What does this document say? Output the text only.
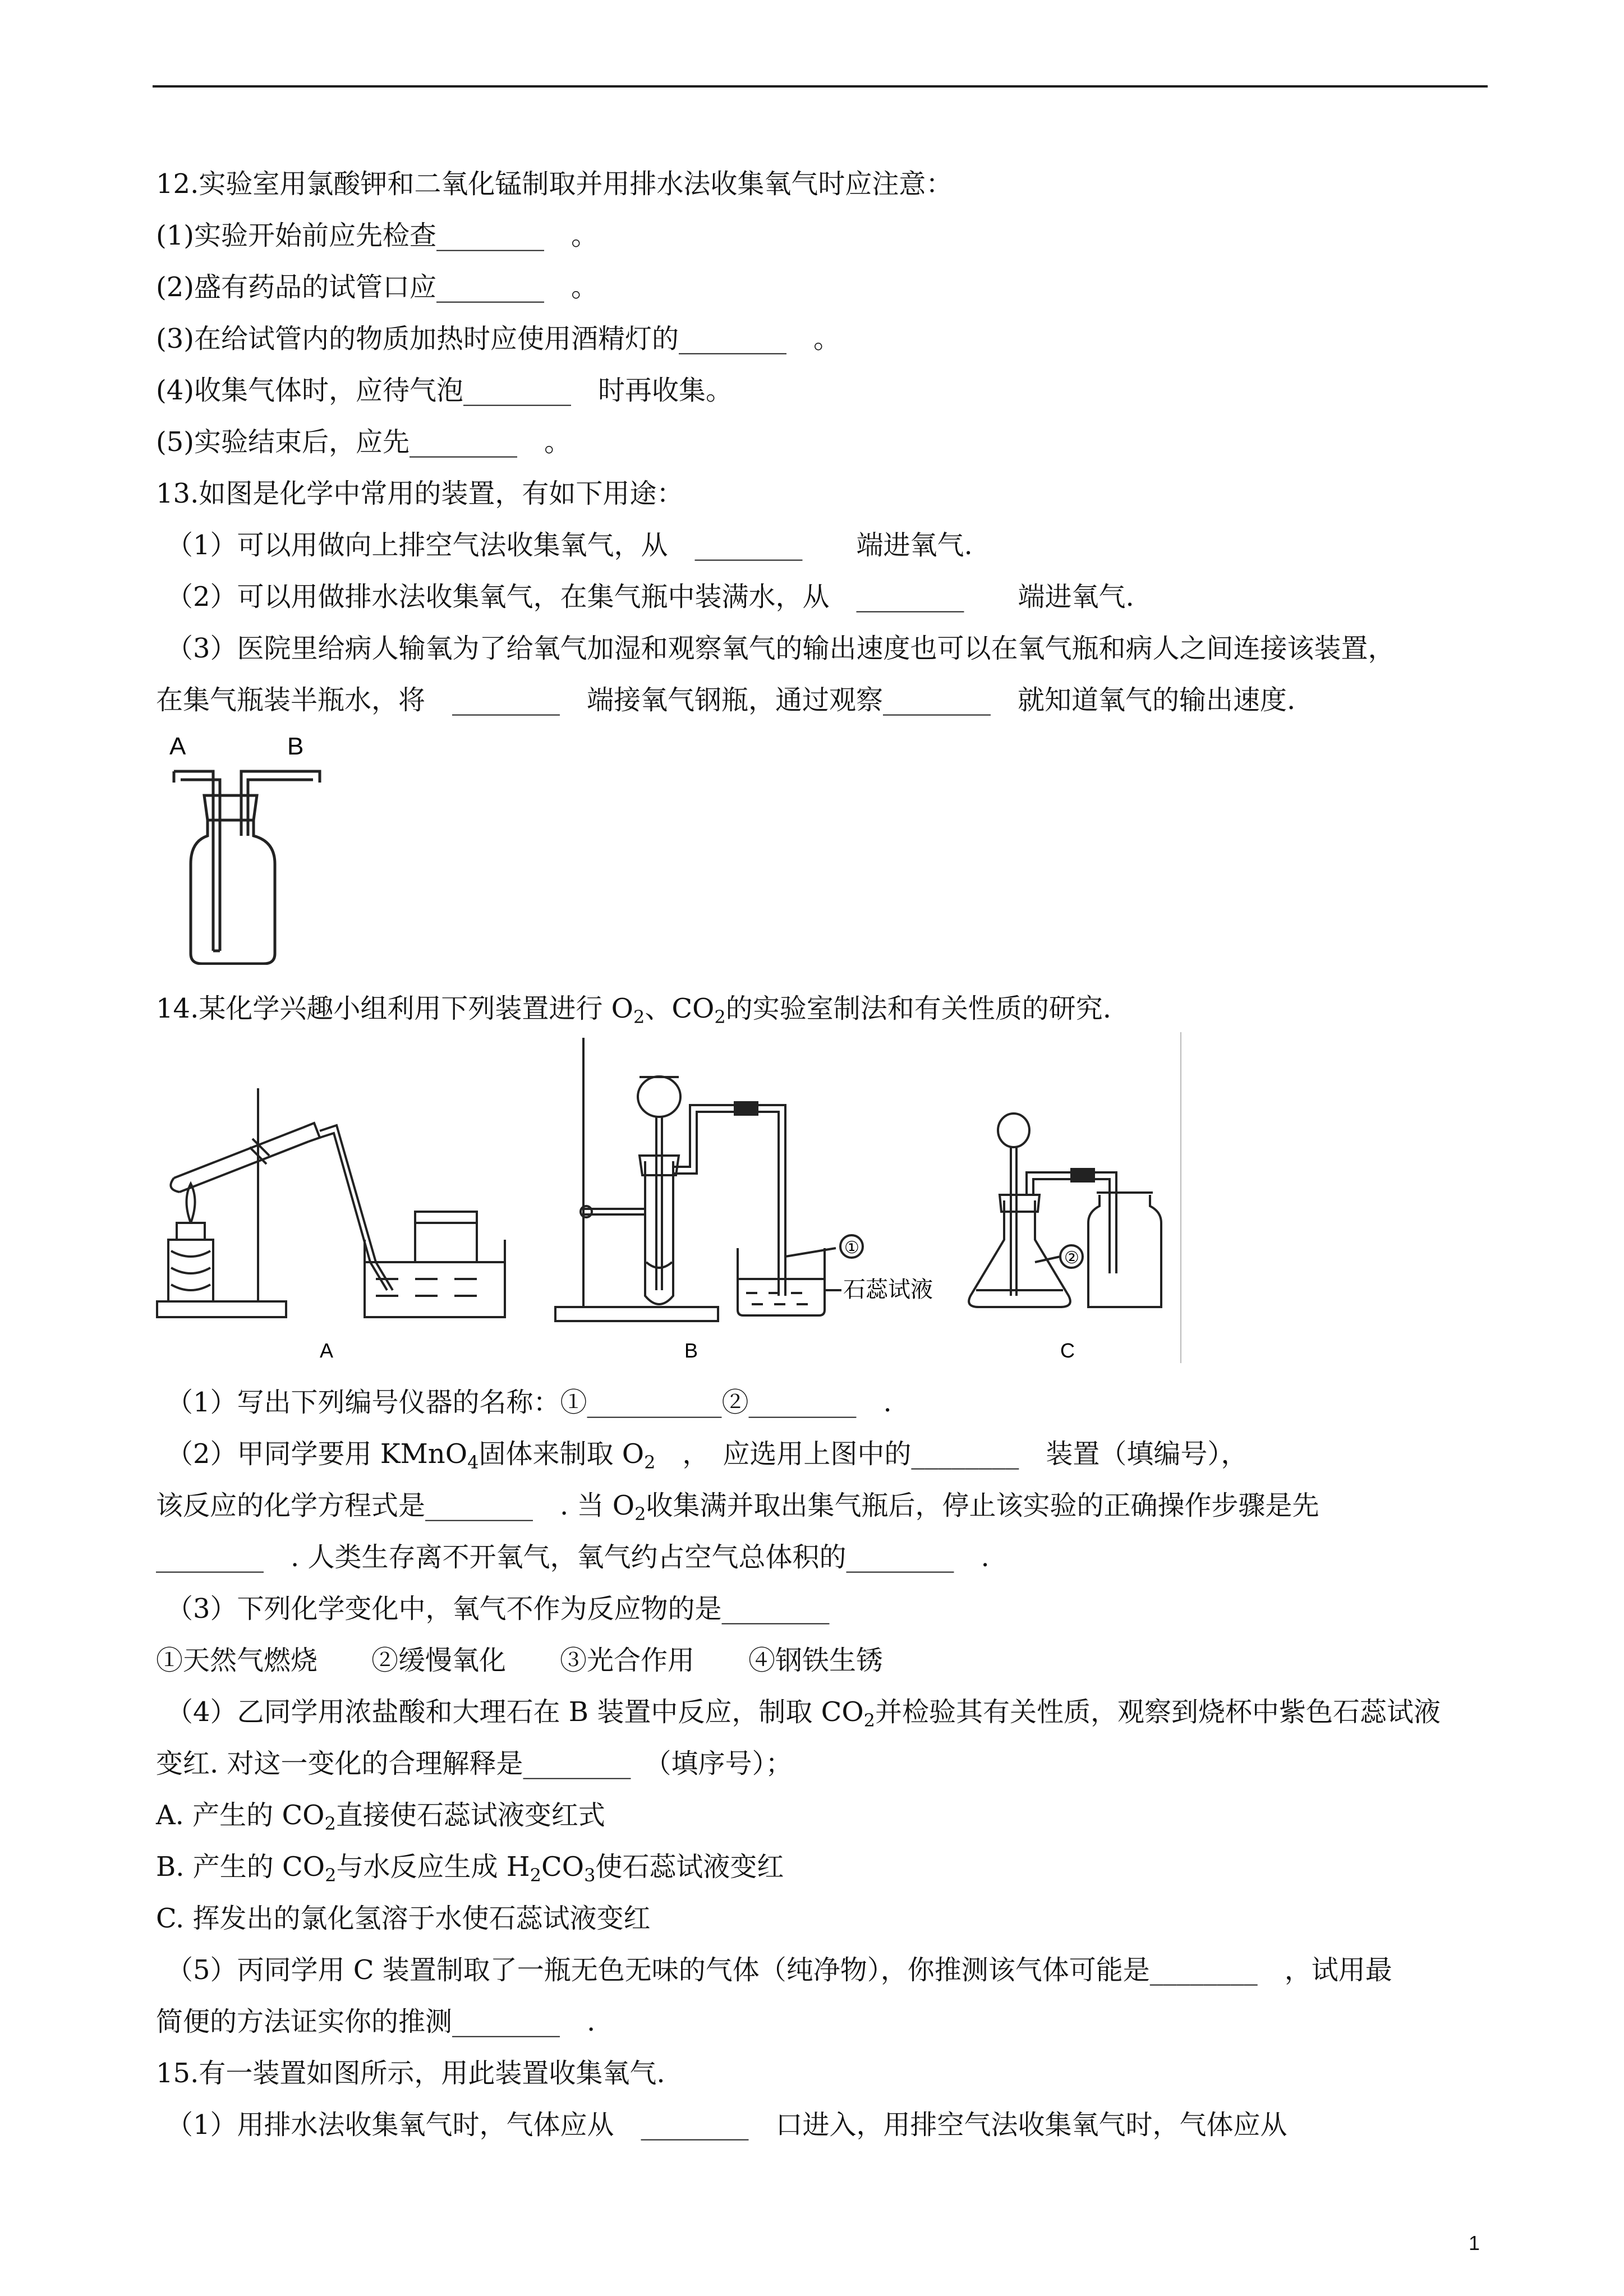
12.实验室用氯酸钾和二氧化锰制取并用排水法收集氧气时应注意：
(1)实验开始前应先检查________　。
(2)盛有药品的试管口应________　。
(3)在给试管内的物质加热时应使用酒精灯的________　。
(4)收集气体时，应待气泡________　时再收集。
(5)实验结束后，应先________　。
13.如图是化学中常用的装置，有如下用途：
（1）可以用做向上排空气法收集氧气，从　________　　端进氧气.
（2）可以用做排水法收集氧气，在集气瓶中装满水，从　________　　端进氧气.
（3）医院里给病人输氧为了给氧气加湿和观察氧气的输出速度也可以在氧气瓶和病人之间连接该装置，
在集气瓶装半瓶水，将　________　端接氧气钢瓶，通过观察________　就知道氧气的输出速度.
A	B
14.某化学兴趣小组利用下列装置进行 $O_2$、$CO_2$的实验室制法和有关性质的研究.
A	B	C
①
②
石蕊试液
（1）写出下列编号仪器的名称：①__________②________　.
（2）甲同学要用 KMnO$_4$固体来制取 $O_2$　，　应选用上图中的________　装置（填编号），
该反应的化学方程式是________　. 当 $O_2$收集满并取出集气瓶后，停止该实验的正确操作步骤是先
________　. 人类生存离不开氧气，氧气约占空气总体积的________　.
（3）下列化学变化中，氧气不作为反应物的是________
①天然气燃烧　　②缓慢氧化　　③光合作用　　④钢铁生锈
（4）乙同学用浓盐酸和大理石在 B 装置中反应，制取 $CO_2$并检验其有关性质，观察到烧杯中紫色石蕊试液
变红. 对这一变化的合理解释是________　（填序号）；
A. 产生的 $CO_2$直接使石蕊试液变红式
B. 产生的 $CO_2$与水反应生成 $H_2CO_3$使石蕊试液变红
C. 挥发出的氯化氢溶于水使石蕊试液变红
（5）丙同学用 C 装置制取了一瓶无色无味的气体（纯净物），你推测该气体可能是________　，试用最
简便的方法证实你的推测________　.
15.有一装置如图所示，用此装置收集氧气.
（1）用排水法收集氧气时，气体应从　________　口进入，用排空气法收集氧气时，气体应从
1
